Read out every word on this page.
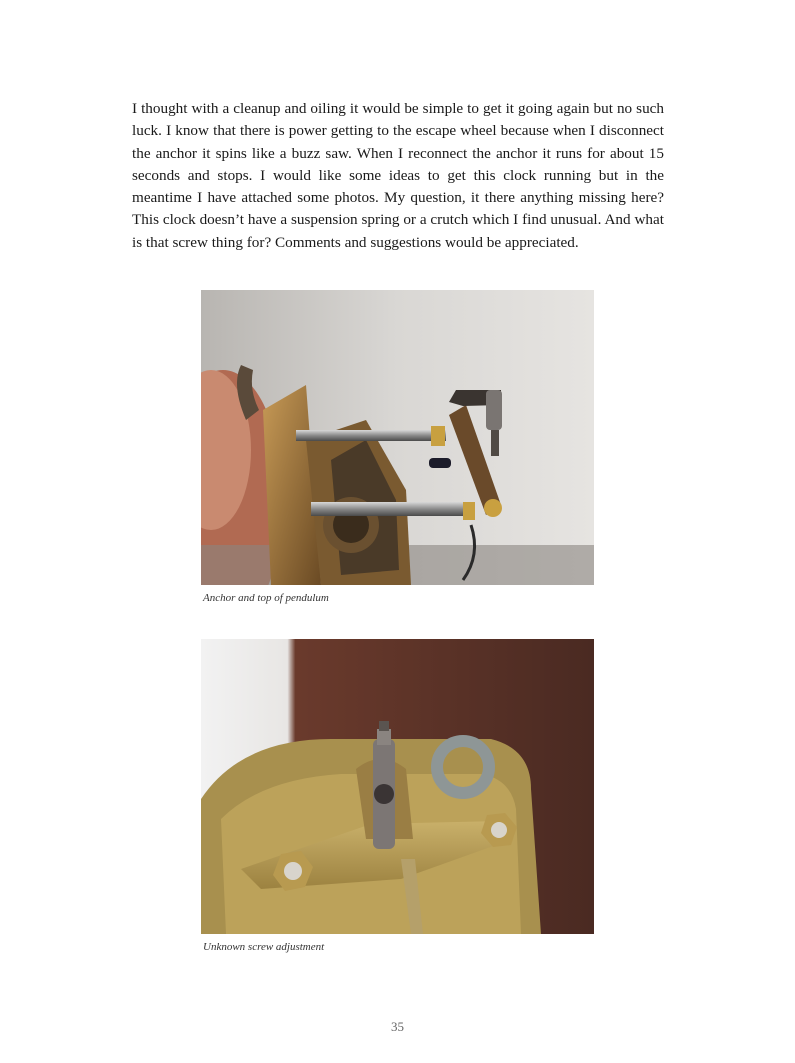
I thought with a cleanup and oiling it would be simple to get it going again but no such luck. I know that there is power getting to the escape wheel because when I disconnect the anchor it spins like a buzz saw. When I reconnect the anchor it runs for about 15 seconds and stops. I would like some ideas to get this clock running but in the meantime I have attached some photos. My question, it there anything missing here? This clock doesn’t have a suspension spring or a crutch which I find unusual. And what is that screw thing for? Comments and suggestions would be appreciated.

Anchor and top of pendulum

Unknown screw adjustment

35
